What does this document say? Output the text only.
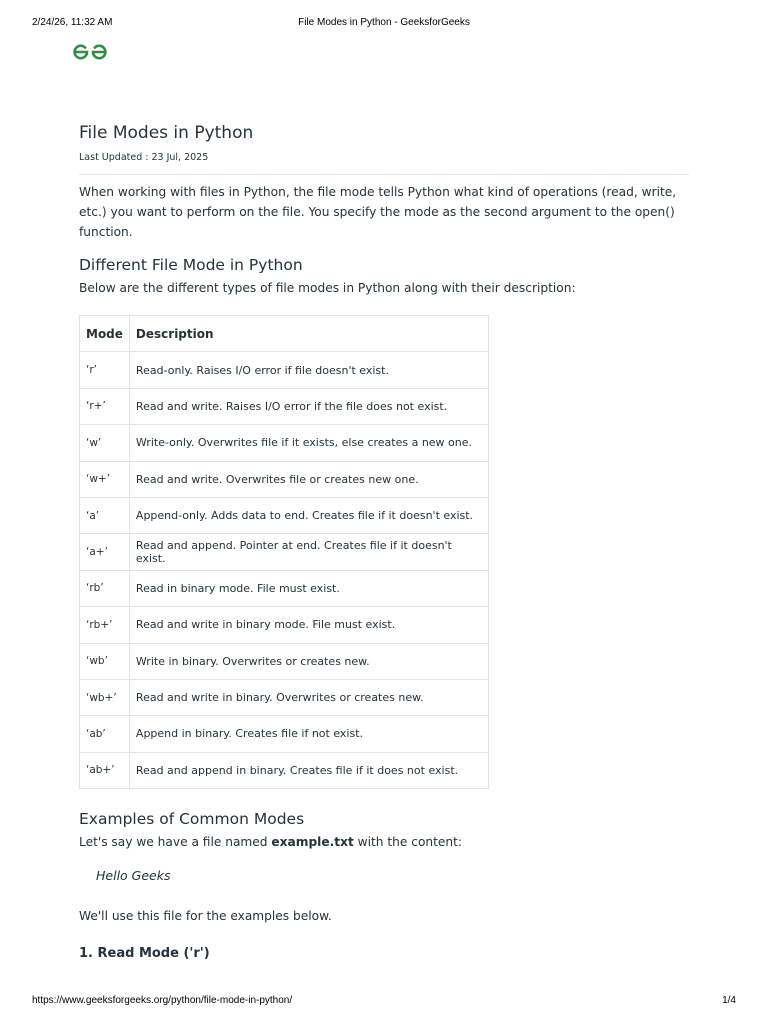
2/24/26, 11:32 AM	File Modes in Python - GeeksforGeeks
File Modes in Python
Last Updated : 23 Jul, 2025

When working with files in Python, the file mode tells Python what kind of operations (read, write, etc.) you want to perform on the file. You specify the mode as the second argument to the open() function.

Different File Mode in Python

Below are the different types of file modes in Python along with their description:

Mode	Description
‘r’	Read-only. Raises I/O error if file doesn't exist.
‘r+’	Read and write. Raises I/O error if the file does not exist.
‘w’	Write-only. Overwrites file if it exists, else creates a new one.
‘w+’	Read and write. Overwrites file or creates new one.
‘a’	Append-only. Adds data to end. Creates file if it doesn't exist.
‘a+’	Read and append. Pointer at end. Creates file if it doesn't exist.
‘rb’	Read in binary mode. File must exist.
‘rb+’	Read and write in binary mode. File must exist.
‘wb’	Write in binary. Overwrites or creates new.
‘wb+’	Read and write in binary. Overwrites or creates new.
‘ab’	Append in binary. Creates file if not exist.
‘ab+’	Read and append in binary. Creates file if it does not exist.
Examples of Common Modes

Let's say we have a file named example.txt with the content:

Hello Geeks

We'll use this file for the examples below.

1. Read Mode ('r')
https://www.geeksforgeeks.org/python/file-mode-in-python/	1/4
